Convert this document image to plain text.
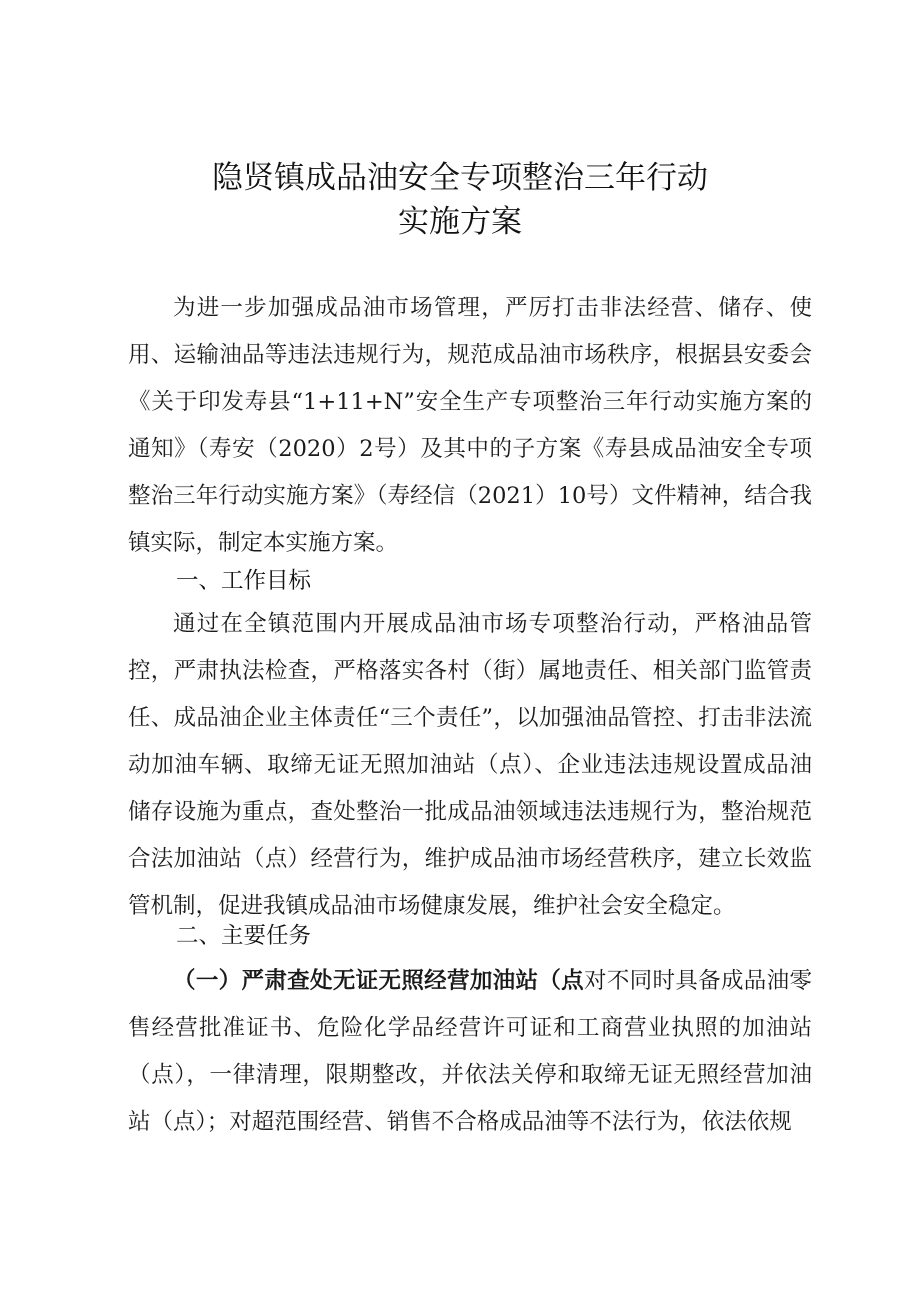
隐贤镇成品油安全专项整治三年行动
实施方案

为进一步加强成品油市场管理，严厉打击非法经营、储存、使用、运输油品等违法违规行为，规范成品油市场秩序，根据县安委会《关于印发寿县“1+11+N”安全生产专项整治三年行动实施方案的通知》（寿安（2020）2号）及其中的子方案《寿县成品油安全专项整治三年行动实施方案》（寿经信（2021）10号）文件精神，结合我镇实际，制定本实施方案。

一、工作目标

通过在全镇范围内开展成品油市场专项整治行动，严格油品管控，严肃执法检查，严格落实各村（街）属地责任、相关部门监管责任、成品油企业主体责任“三个责任”，以加强油品管控、打击非法流动加油车辆、取缔无证无照加油站（点）、企业违法违规设置成品油储存设施为重点，查处整治一批成品油领域违法违规行为，整治规范合法加油站（点）经营行为，维护成品油市场经营秩序，建立长效监管机制，促进我镇成品油市场健康发展，维护社会安全稳定。

二、主要任务

（一）严肃查处无证无照经营加油站（点对不同时具备成品油零售经营批准证书、危险化学品经营许可证和工商营业执照的加油站（点），一律清理，限期整改，并依法关停和取缔无证无照经营加油站（点）；对超范围经营、销售不合格成品油等不法行为，依法依规
